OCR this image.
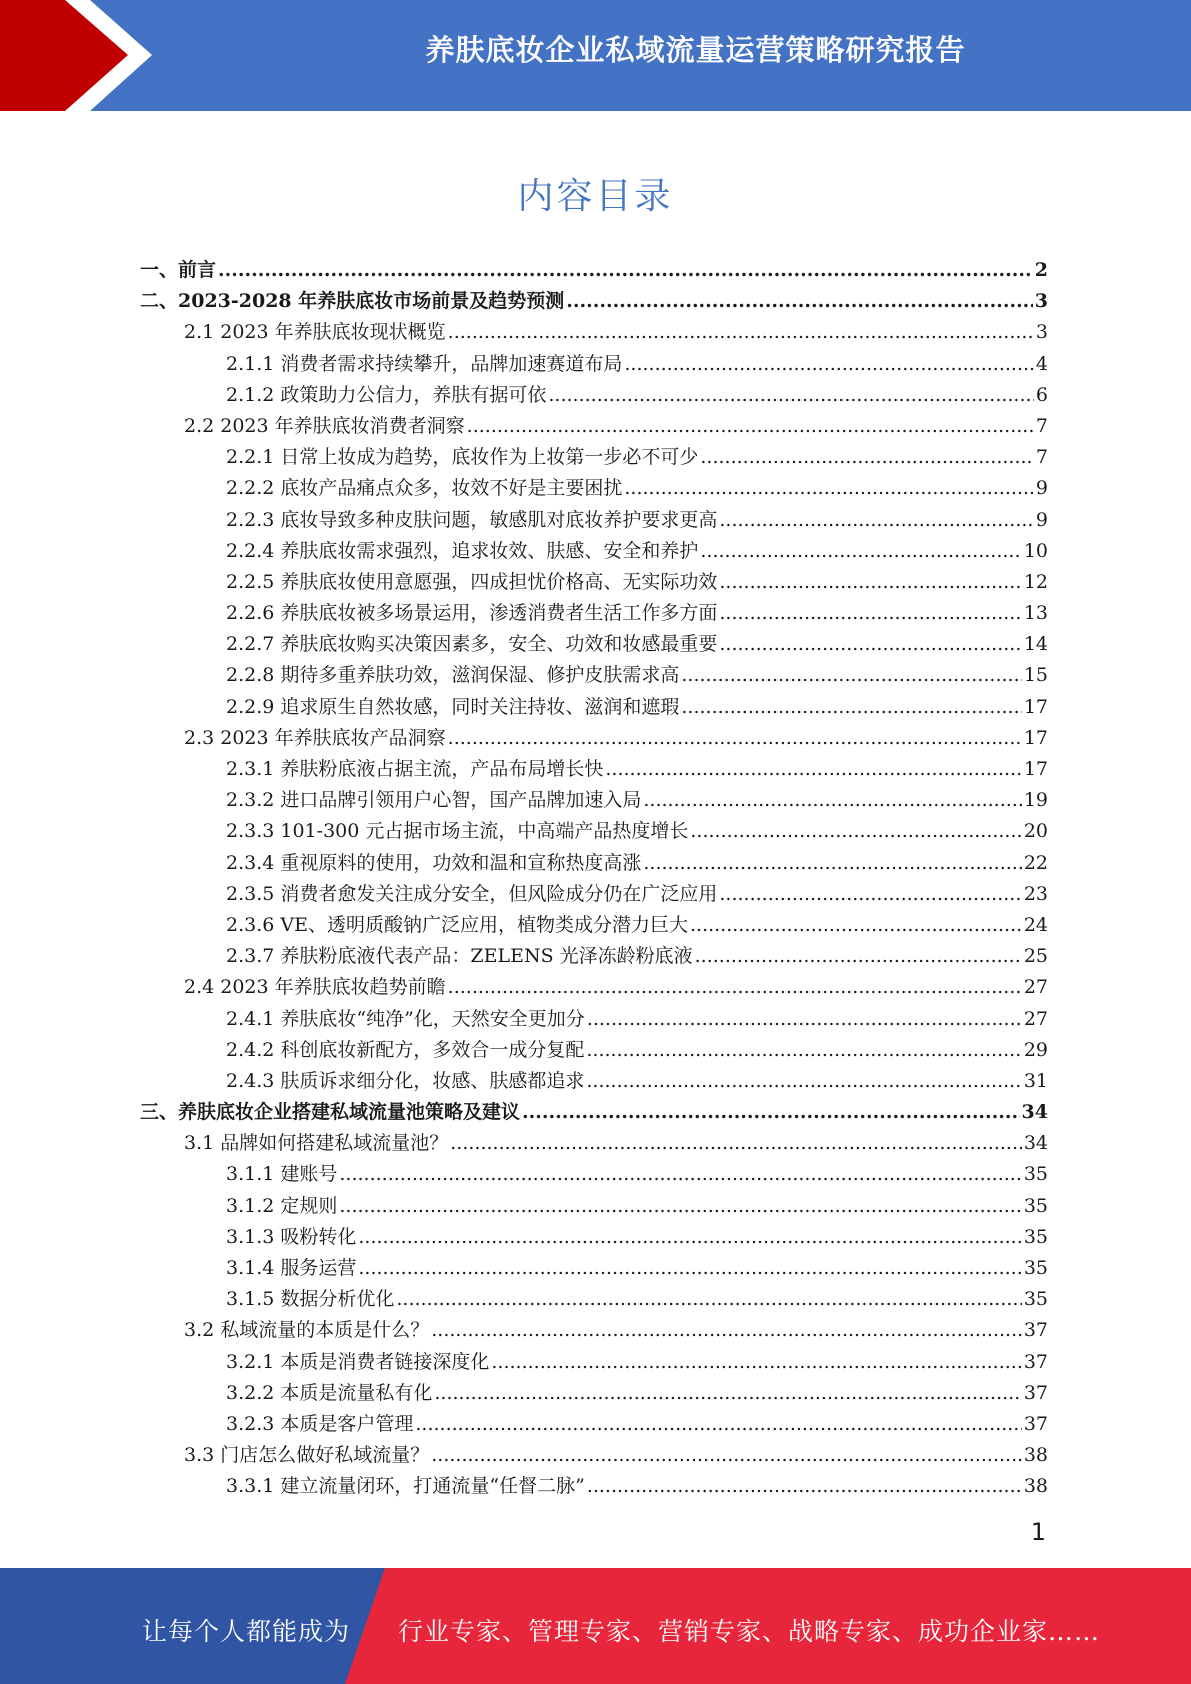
养肤底妆企业私域流量运营策略研究报告
内容目录
一、前言 .....	2
二、2023-2028 年养肤底妆市场前景及趋势预测 .....	3
2.1 2023 年养肤底妆现状概览 .....	3
2.1.1 消费者需求持续攀升，品牌加速赛道布局 .....	4
2.1.2 政策助力公信力，养肤有据可依 .....	6
2.2 2023 年养肤底妆消费者洞察 .....	7
2.2.1 日常上妆成为趋势，底妆作为上妆第一步必不可少 .....	7
2.2.2 底妆产品痛点众多，妆效不好是主要困扰 .....	9
2.2.3 底妆导致多种皮肤问题，敏感肌对底妆养护要求更高 .....	9
2.2.4 养肤底妆需求强烈，追求妆效、肤感、安全和养护 .....	10
2.2.5 养肤底妆使用意愿强，四成担忧价格高、无实际功效 .....	12
2.2.6 养肤底妆被多场景运用，渗透消费者生活工作多方面 .....	13
2.2.7 养肤底妆购买决策因素多，安全、功效和妆感最重要 .....	14
2.2.8 期待多重养肤功效，滋润保湿、修护皮肤需求高 .....	15
2.2.9 追求原生自然妆感，同时关注持妆、滋润和遮瑕 .....	17
2.3 2023 年养肤底妆产品洞察 .....	17
2.3.1 养肤粉底液占据主流，产品布局增长快 .....	17
2.3.2 进口品牌引领用户心智，国产品牌加速入局 .....	19
2.3.3 101-300 元占据市场主流，中高端产品热度增长 .....	20
2.3.4 重视原料的使用，功效和温和宣称热度高涨 .....	22
2.3.5 消费者愈发关注成分安全，但风险成分仍在广泛应用 .....	23
2.3.6 VE、透明质酸钠广泛应用，植物类成分潜力巨大 .....	24
2.3.7 养肤粉底液代表产品：ZELENS 光泽冻龄粉底液 .....	25
2.4 2023 年养肤底妆趋势前瞻 .....	27
2.4.1 养肤底妆“纯净”化，天然安全更加分 .....	27
2.4.2 科创底妆新配方，多效合一成分复配 .....	29
2.4.3 肤质诉求细分化，妆感、肤感都追求 .....	31
三、养肤底妆企业搭建私域流量池策略及建议 .....	34
3.1 品牌如何搭建私域流量池？ .....	34
3.1.1 建账号 .....	35
3.1.2 定规则 .....	35
3.1.3 吸粉转化 .....	35
3.1.4 服务运营 .....	35
3.1.5 数据分析优化 .....	35
3.2 私域流量的本质是什么？ .....	37
3.2.1 本质是消费者链接深度化 .....	37
3.2.2 本质是流量私有化 .....	37
3.2.3 本质是客户管理 .....	37
3.3 门店怎么做好私域流量？ .....	38
3.3.1 建立流量闭环，打通流量“任督二脉” .....	38
1
让每个人都能成为 行业专家、管理专家、营销专家、战略专家、成功企业家……
